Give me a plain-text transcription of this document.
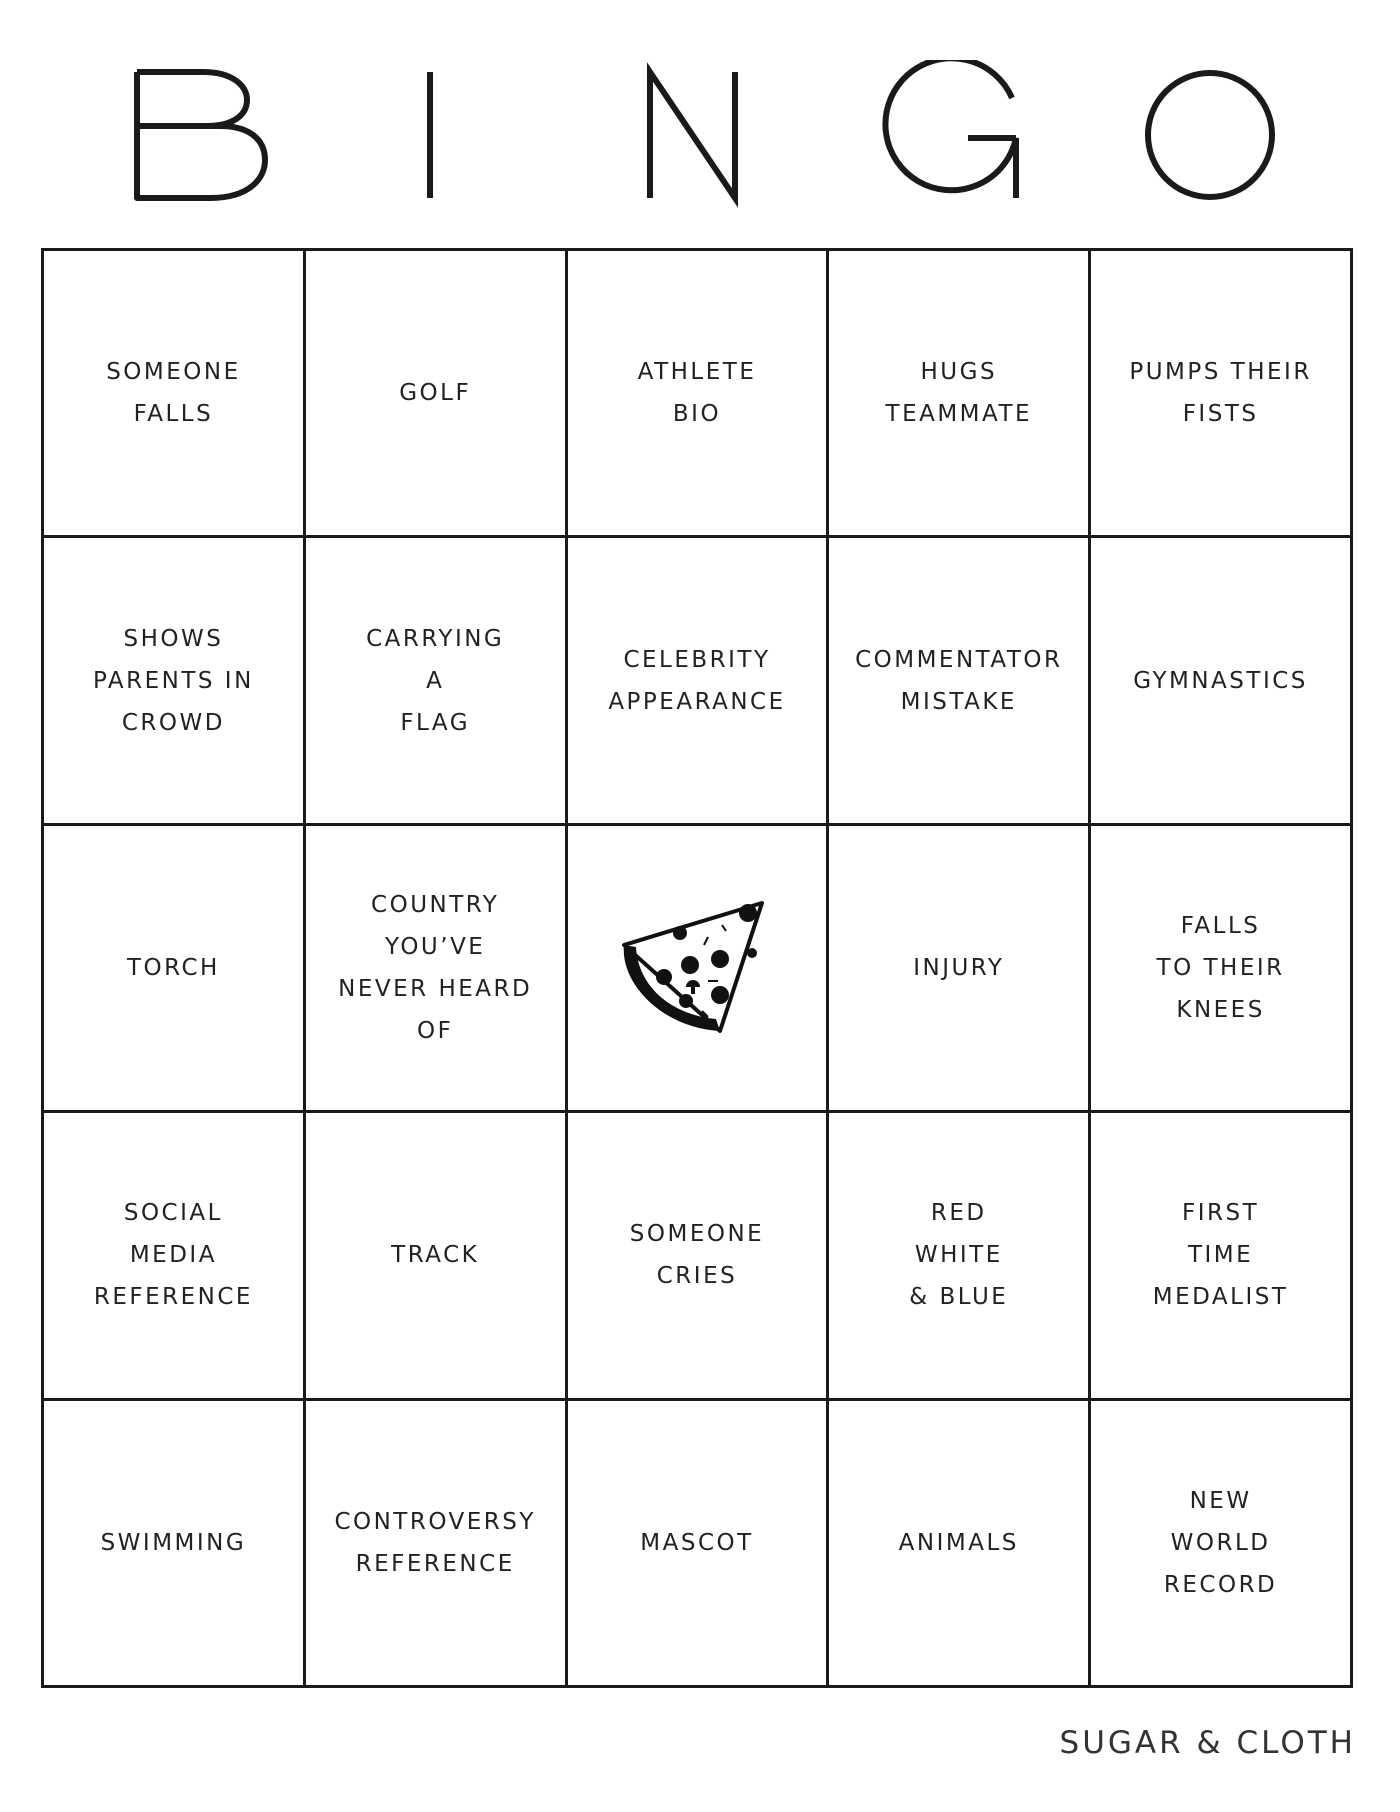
SOMEONE
FALLS
GOLF
ATHLETE
BIO
HUGS
TEAMMATE
PUMPS THEIR
FISTS
SHOWS
PARENTS IN
CROWD
CARRYING
A
FLAG
CELEBRITY
APPEARANCE
COMMENTATOR
MISTAKE
GYMNASTICS
TORCH
COUNTRY
YOU’VE
NEVER HEARD
OF
INJURY
FALLS
TO THEIR
KNEES
SOCIAL
MEDIA
REFERENCE
TRACK
SOMEONE
CRIES
RED
WHITE
& BLUE
FIRST
TIME
MEDALIST
SWIMMING
CONTROVERSY
REFERENCE
MASCOT	ANIMALS
NEW
WORLD
RECORD
SUGAR & CLOTH
